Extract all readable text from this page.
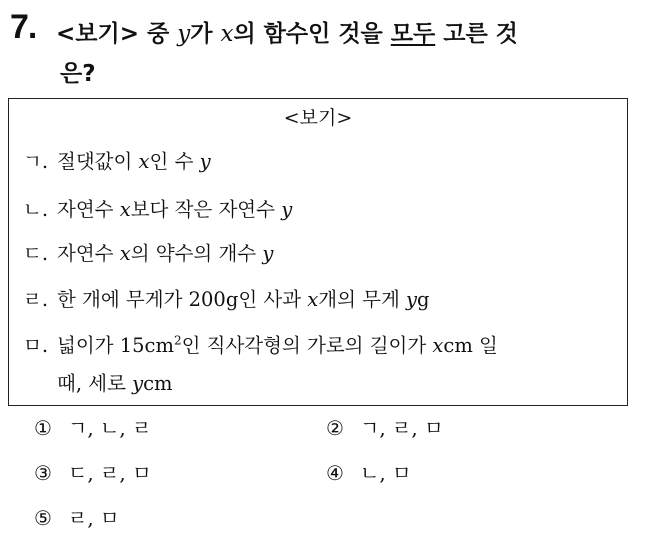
7. <보기> 중 y가 x의 함수인 것을 모두 고른 것
은?
<보기>
ㄱ. 절댓값이 x인 수 y
ㄴ. 자연수 x보다 작은 자연수 y
ㄷ. 자연수 x의 약수의 개수 y
ㄹ. 한 개에 무게가 200g인 사과 x개의 무게 yg
ㅁ. 넓이가 $15cm^2$인 직사각형의 가로의 길이가 xcm 일
때, 세로 ycm
① ㄱ, ㄴ, ㄹ	② ㄱ, ㄹ, ㅁ
③ ㄷ, ㄹ, ㅁ	④ ㄴ, ㅁ
⑤ ㄹ, ㅁ
